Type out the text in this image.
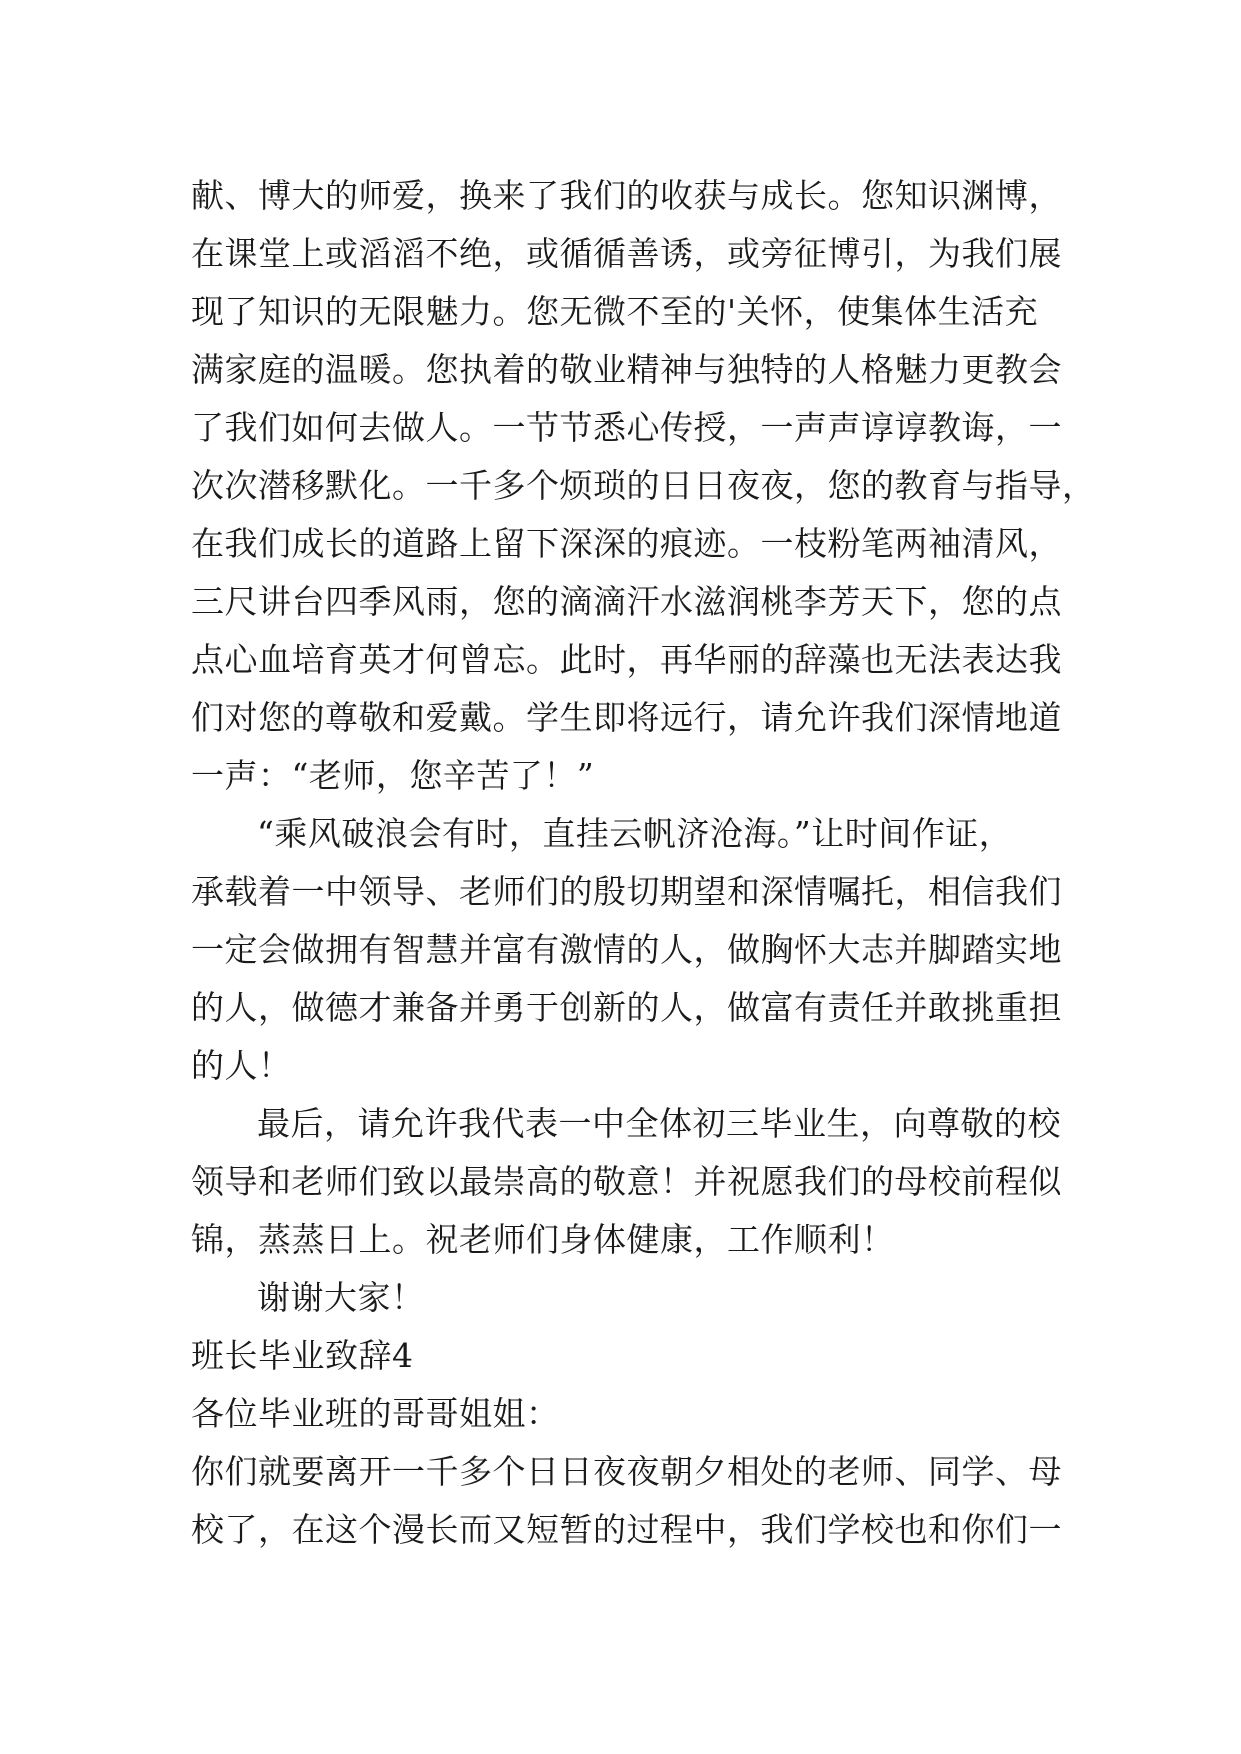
献、博大的师爱，换来了我们的收获与成长。您知识渊博，
在课堂上或滔滔不绝，或循循善诱，或旁征博引，为我们展
现了知识的无限魅力。您无微不至的'关怀，使集体生活充
满家庭的温暖。您执着的敬业精神与独特的人格魅力更教会
了我们如何去做人。一节节悉心传授，一声声谆谆教诲，一
次次潜移默化。一千多个烦琐的日日夜夜，您的教育与指导，
在我们成长的道路上留下深深的痕迹。一枝粉笔两袖清风，
三尺讲台四季风雨，您的滴滴汗水滋润桃李芳天下，您的点
点心血培育英才何曾忘。此时，再华丽的辞藻也无法表达我
们对您的尊敬和爱戴。学生即将远行，请允许我们深情地道
一声：“老师，您辛苦了！”
“乘风破浪会有时，直挂云帆济沧海。”让时间作证，
承载着一中领导、老师们的殷切期望和深情嘱托，相信我们
一定会做拥有智慧并富有激情的人，做胸怀大志并脚踏实地
的人，做德才兼备并勇于创新的人，做富有责任并敢挑重担
的人！
最后，请允许我代表一中全体初三毕业生，向尊敬的校
领导和老师们致以最崇高的敬意！并祝愿我们的母校前程似
锦，蒸蒸日上。祝老师们身体健康，工作顺利！
谢谢大家！
班长毕业致辞4
各位毕业班的哥哥姐姐：
你们就要离开一千多个日日夜夜朝夕相处的老师、同学、母
校了，在这个漫长而又短暂的过程中，我们学校也和你们一
